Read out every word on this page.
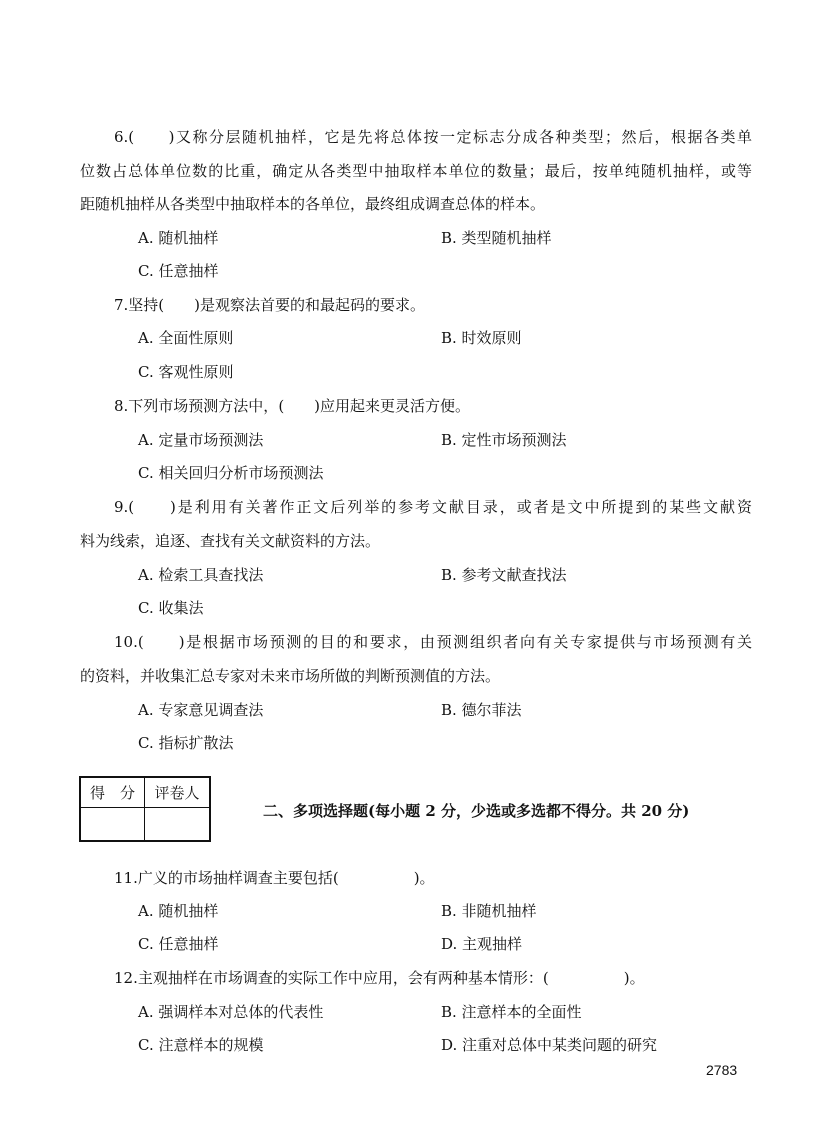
6.(　　)又称分层随机抽样，它是先将总体按一定标志分成各种类型；然后，根据各类单
位数占总体单位数的比重，确定从各类型中抽取样本单位的数量；最后，按单纯随机抽样，或等
距随机抽样从各类型中抽取样本的各单位，最终组成调查总体的样本。
A. 随机抽样	B. 类型随机抽样
C. 任意抽样
7.坚持(　　)是观察法首要的和最起码的要求。
A. 全面性原则	B. 时效原则
C. 客观性原则
8.下列市场预测方法中，(　　)应用起来更灵活方便。
A. 定量市场预测法	B. 定性市场预测法
C. 相关回归分析市场预测法
9.(　　)是利用有关著作正文后列举的参考文献目录，或者是文中所提到的某些文献资
料为线索，追逐、查找有关文献资料的方法。
A. 检索工具查找法	B. 参考文献查找法
C. 收集法
10.(　　)是根据市场预测的目的和要求，由预测组织者向有关专家提供与市场预测有关
的资料，并收集汇总专家对未来市场所做的判断预测值的方法。
A. 专家意见调查法	B. 德尔菲法
C. 指标扩散法
得　分	评卷人
二、多项选择题(每小题 2 分，少选或多选都不得分。共 20 分)
11.广义的市场抽样调查主要包括(　　　　　)。
A. 随机抽样	B. 非随机抽样
C. 任意抽样	D. 主观抽样
12.主观抽样在市场调查的实际工作中应用，会有两种基本情形：(　　　　　)。
A. 强调样本对总体的代表性	B. 注意样本的全面性
C. 注意样本的规模	D. 注重对总体中某类问题的研究
2783
